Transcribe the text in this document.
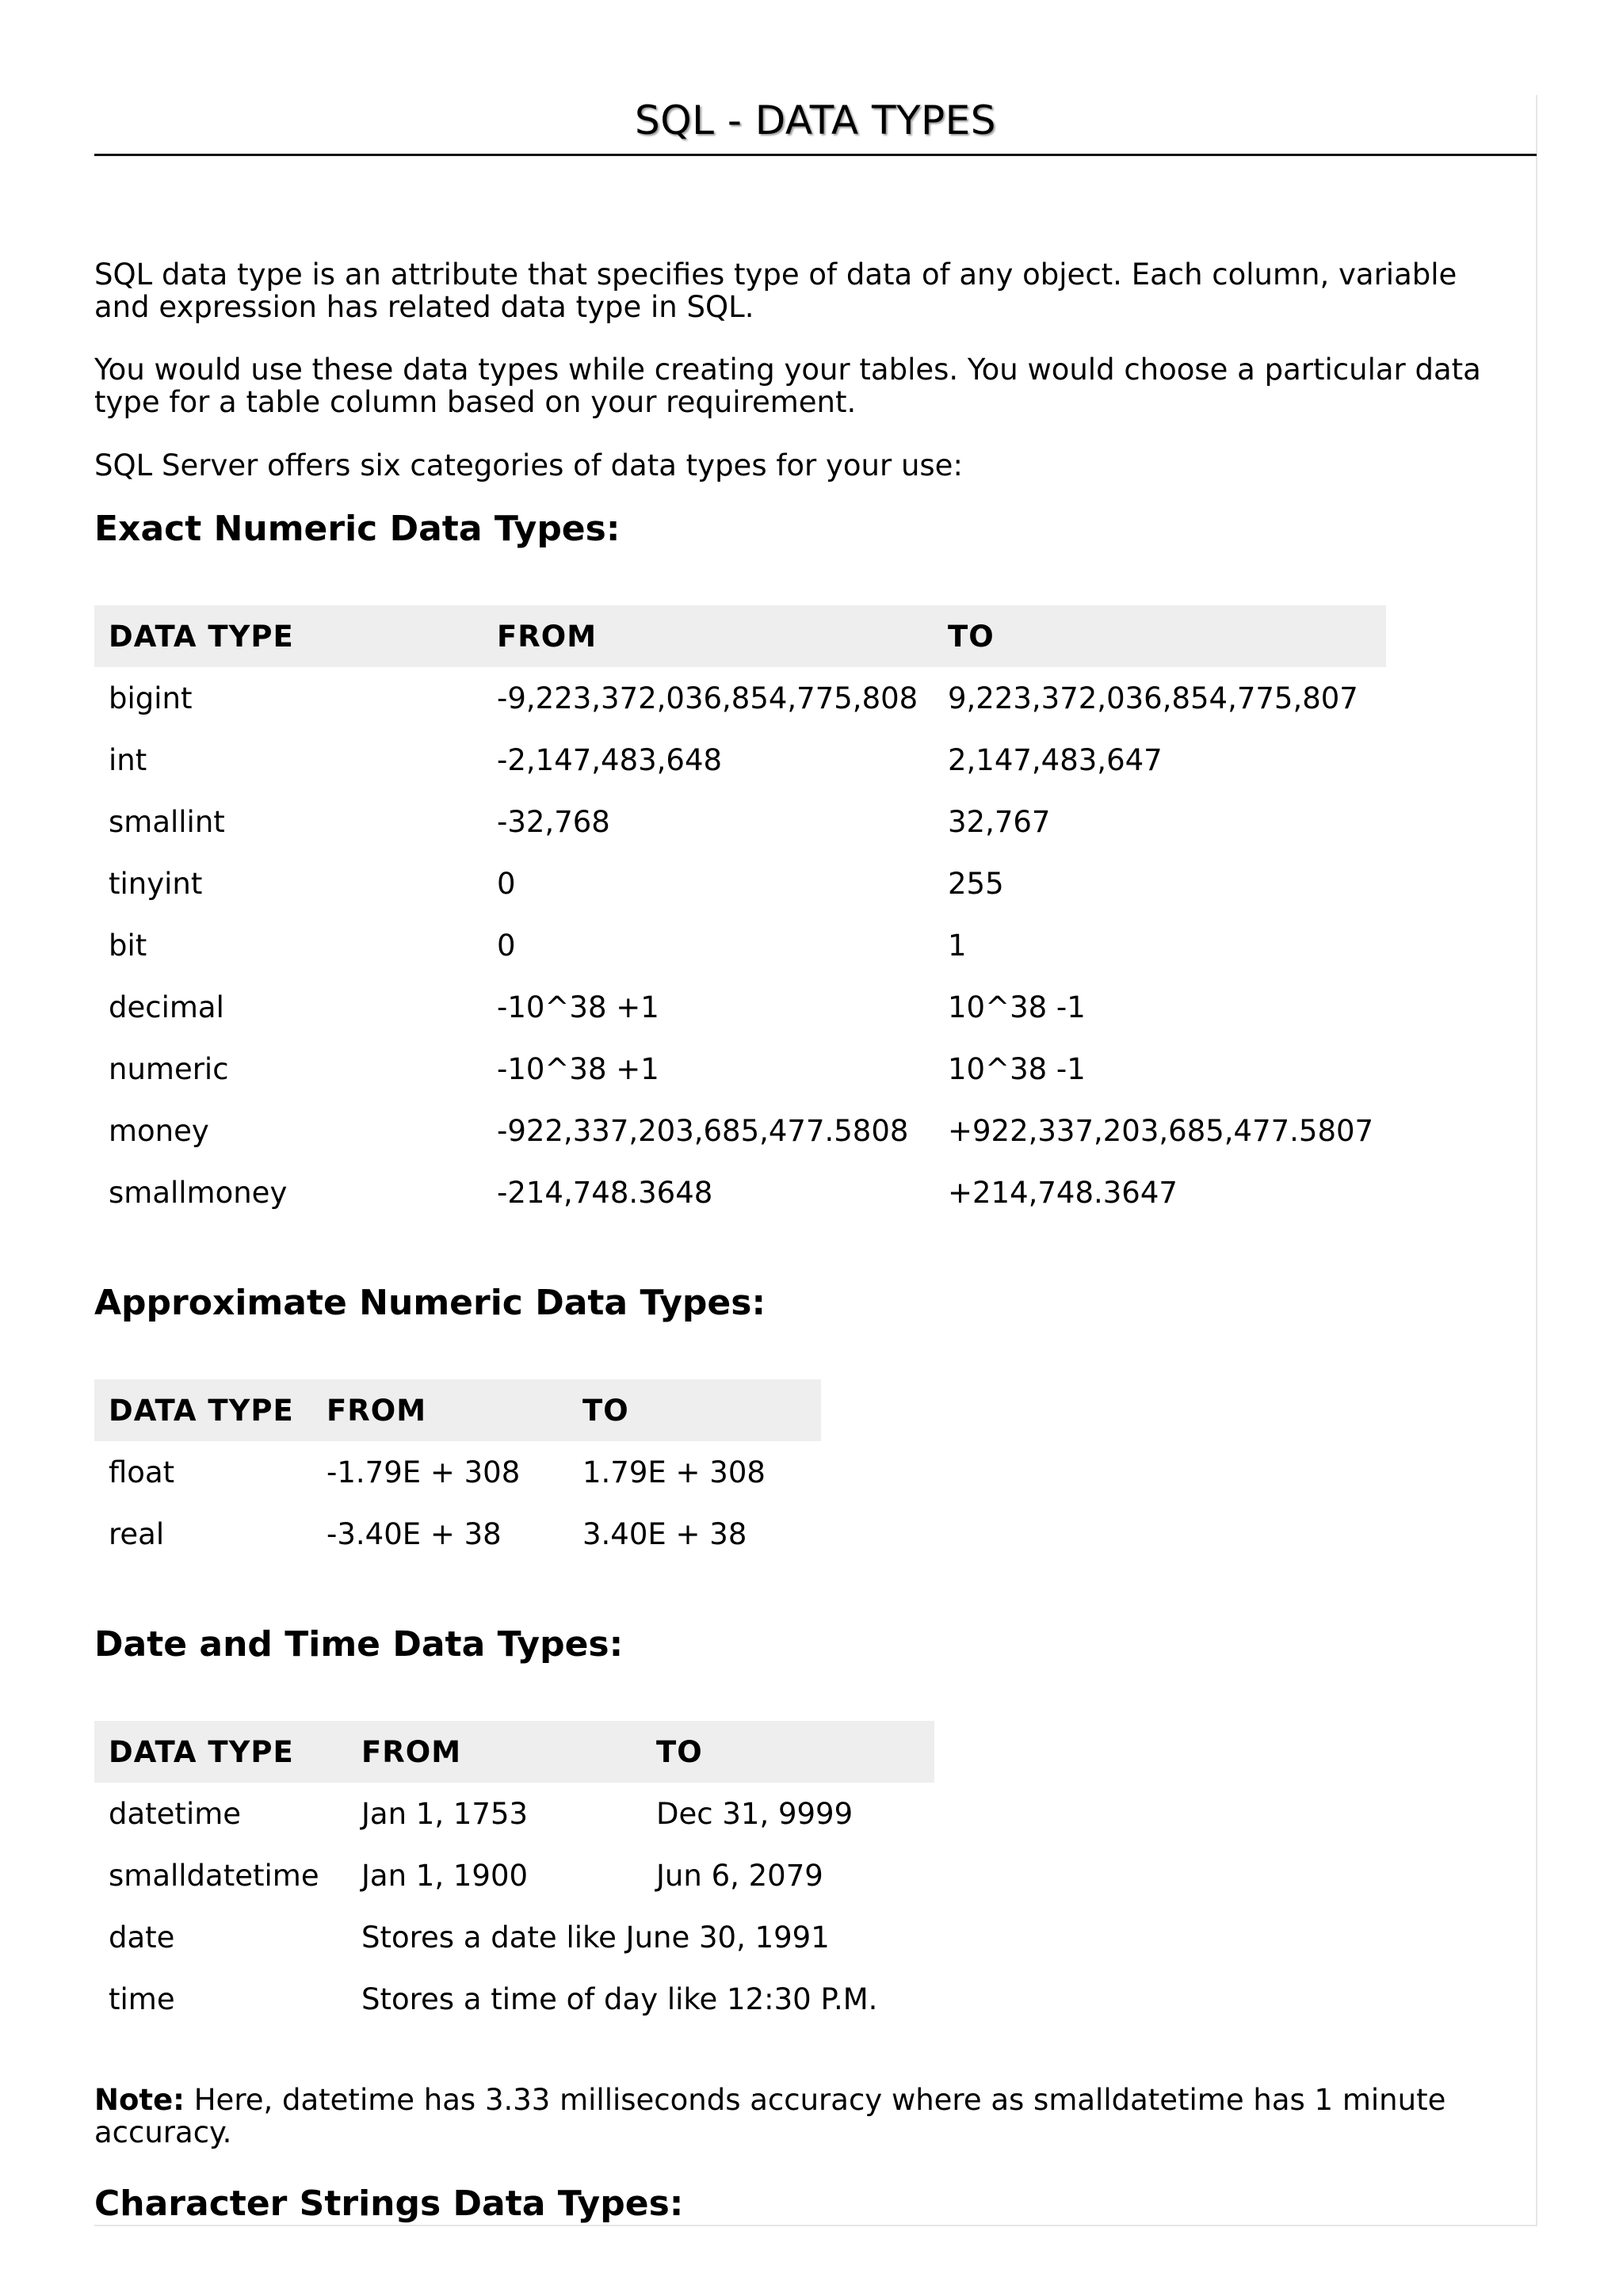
SQL - DATA TYPES

SQL data type is an attribute that specifies type of data of any object. Each column, variable and expression has related data type in SQL.

You would use these data types while creating your tables. You would choose a particular data type for a table column based on your requirement.

SQL Server offers six categories of data types for your use:

Exact Numeric Data Types:
DATA TYPE	FROM	TO
bigint	-9,223,372,036,854,775,808	9,223,372,036,854,775,807
int	-2,147,483,648	2,147,483,647
smallint	-32,768	32,767
tinyint	0	255
bit	0	1
decimal	-10^38 +1	10^38 -1
numeric	-10^38 +1	10^38 -1
money	-922,337,203,685,477.5808	+922,337,203,685,477.5807
smallmoney	-214,748.3648	+214,748.3647
Approximate Numeric Data Types:
DATA TYPE	FROM	TO
float	-1.79E + 308	1.79E + 308
real	-3.40E + 38	3.40E + 38
Date and Time Data Types:
DATA TYPE	FROM	TO
datetime	Jan 1, 1753	Dec 31, 9999
smalldatetime	Jan 1, 1900	Jun 6, 2079
date	Stores a date like June 30, 1991	
time	Stores a time of day like 12:30 P.M.	

Note: Here, datetime has 3.33 milliseconds accuracy where as smalldatetime has 1 minute accuracy.

Character Strings Data Types:
